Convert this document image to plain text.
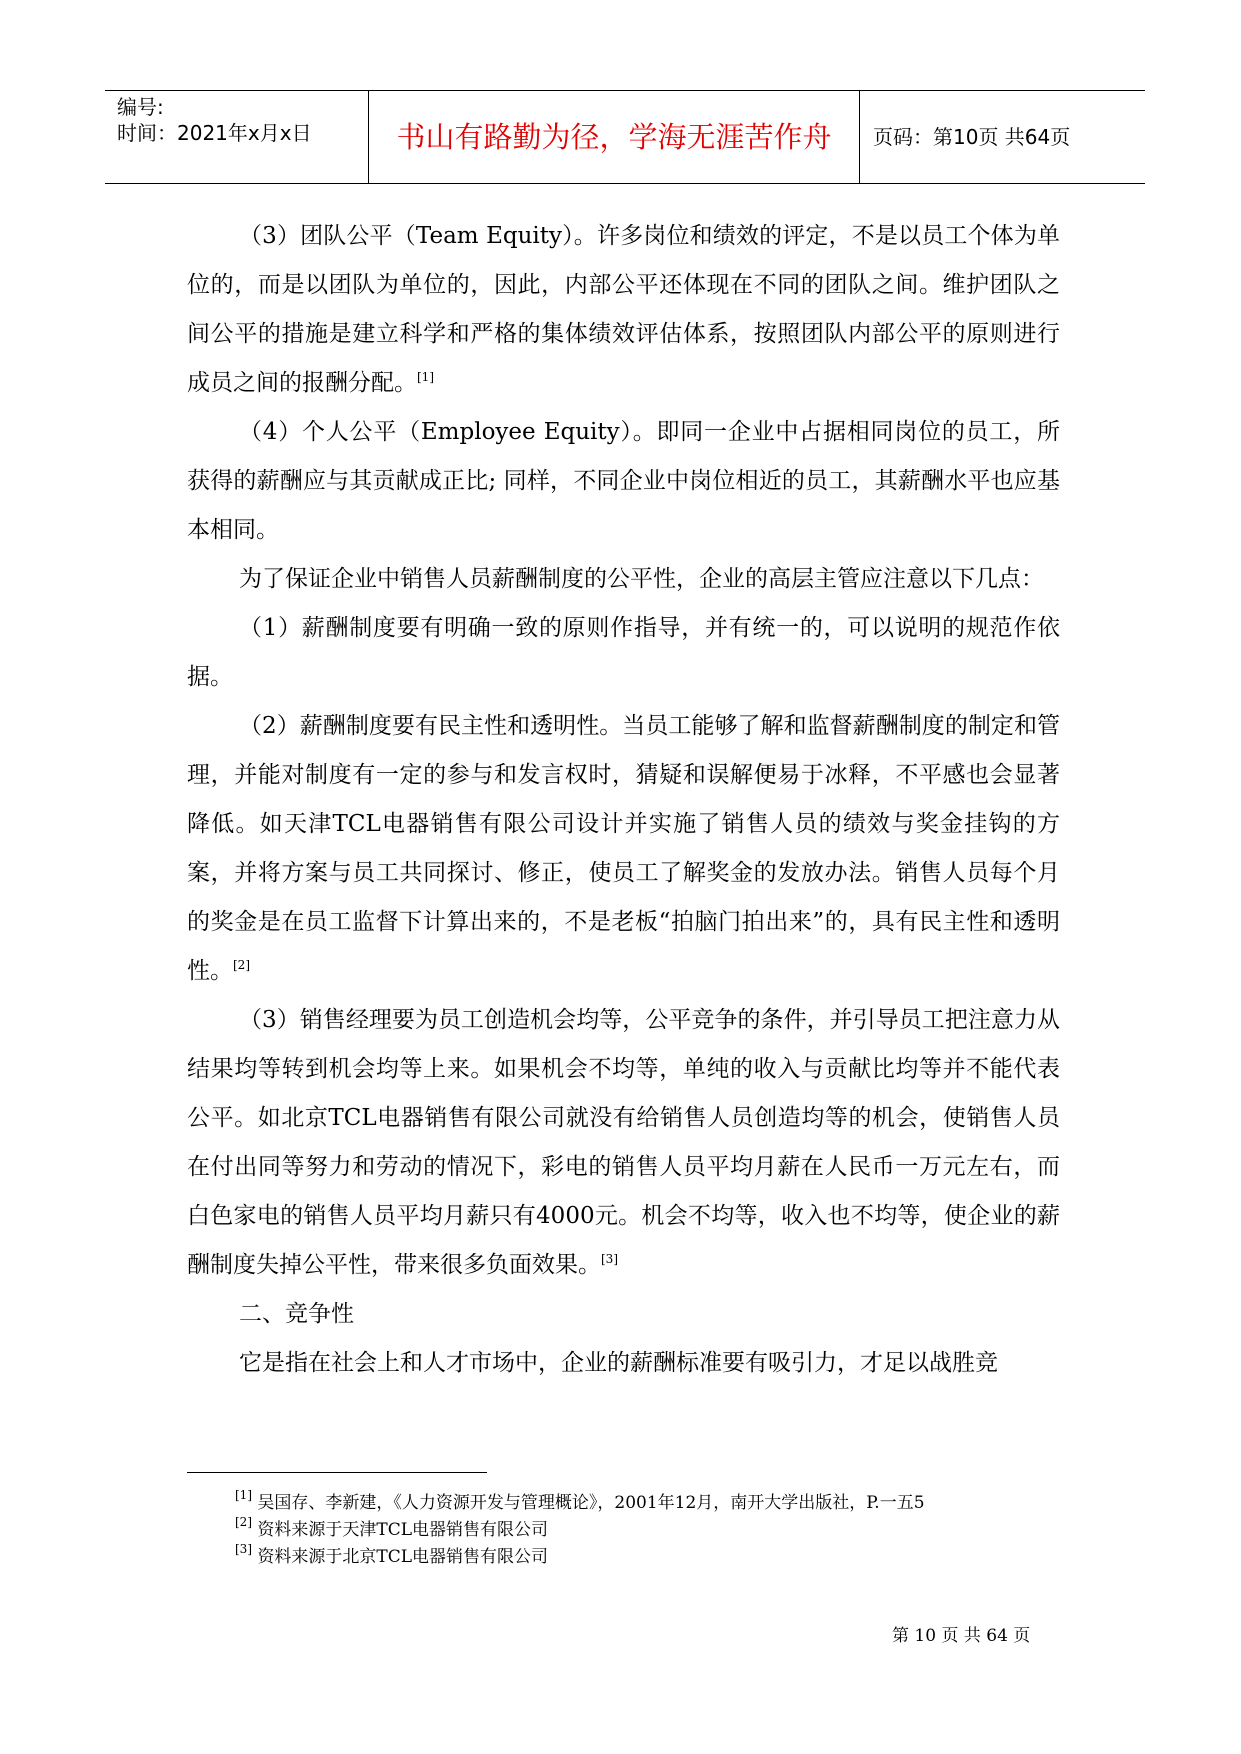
编号:
时间：2021年x月x日	书山有路勤为径，学海无涯苦作舟	页码：第10页 共64页

（3）团队公平（Team Equity）。许多岗位和绩效的评定，不是以员工个体为单位的，而是以团队为单位的，因此，内部公平还体现在不同的团队之间。维护团队之间公平的措施是建立科学和严格的集体绩效评估体系，按照团队内部公平的原则进行成员之间的报酬分配。[1]

（4）个人公平（Employee Equity）。即同一企业中占据相同岗位的员工，所获得的薪酬应与其贡献成正比; 同样，不同企业中岗位相近的员工，其薪酬水平也应基本相同。

为了保证企业中销售人员薪酬制度的公平性，企业的高层主管应注意以下几点：

（1）薪酬制度要有明确一致的原则作指导，并有统一的，可以说明的规范作依据。

（2）薪酬制度要有民主性和透明性。当员工能够了解和监督薪酬制度的制定和管理，并能对制度有一定的参与和发言权时，猜疑和误解便易于冰释，不平感也会显著降低。如天津TCL电器销售有限公司设计并实施了销售人员的绩效与奖金挂钩的方案，并将方案与员工共同探讨、修正，使员工了解奖金的发放办法。销售人员每个月的奖金是在员工监督下计算出来的，不是老板“拍脑门拍出来”的，具有民主性和透明性。[2]

（3）销售经理要为员工创造机会均等，公平竞争的条件，并引导员工把注意力从结果均等转到机会均等上来。如果机会不均等，单纯的收入与贡献比均等并不能代表公平。如北京TCL电器销售有限公司就没有给销售人员创造均等的机会，使销售人员在付出同等努力和劳动的情况下，彩电的销售人员平均月薪在人民币一万元左右，而白色家电的销售人员平均月薪只有4000元。机会不均等，收入也不均等，使企业的薪酬制度失掉公平性，带来很多负面效果。[3]

二、竞争性

它是指在社会上和人才市场中，企业的薪酬标准要有吸引力，才足以战胜竞

[1] 吴国存、李新建，《人力资源开发与管理概论》，2001年12月，南开大学出版社，P.一五5

[2] 资料来源于天津TCL电器销售有限公司

[3] 资料来源于北京TCL电器销售有限公司

第 10 页 共 64 页
